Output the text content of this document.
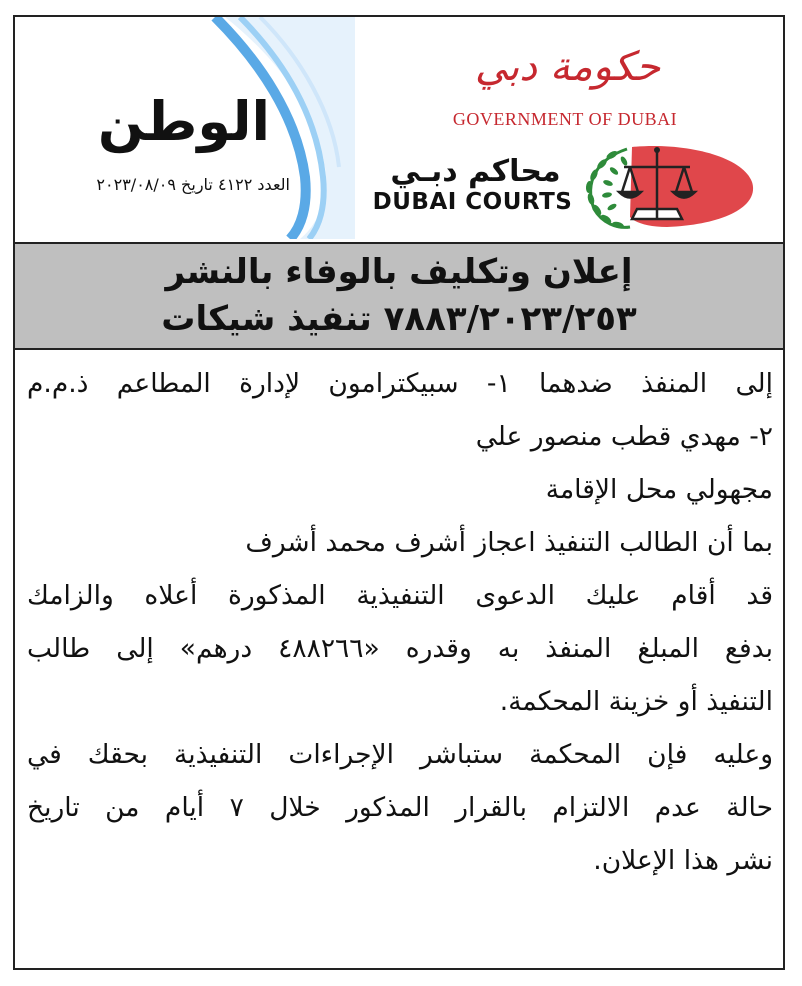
الوطن
العدد ٤١٢٢ تاريخ ٢٠٢٣/٠٨/٠٩
حكومة دبي
GOVERNMENT OF DUBAI
محاكم دبـي
DUBAI COURTS
إعلان وتكليف بالوفاء بالنشر
٧٨٨٣/٢٠٢٣/٢٥٣ تنفيذ شيكات
إلى المنفذ ضدهما ١- سبيكترامون لإدارة المطاعم ذ.م.م
٢- مهدي قطب منصور علي
مجهولي محل الإقامة
بما أن الطالب التنفيذ اعجاز أشرف محمد أشرف
قد أقام عليك الدعوى التنفيذية المذكورة أعلاه والزامك
بدفع المبلغ المنفذ به وقدره «٤٨٨٢٦٦ درهم» إلى طالب
التنفيذ أو خزينة المحكمة.
وعليه فإن المحكمة ستباشر الإجراءات التنفيذية بحقك في
حالة عدم الالتزام بالقرار المذكور خلال ٧ أيام من تاريخ
نشر هذا الإعلان.
